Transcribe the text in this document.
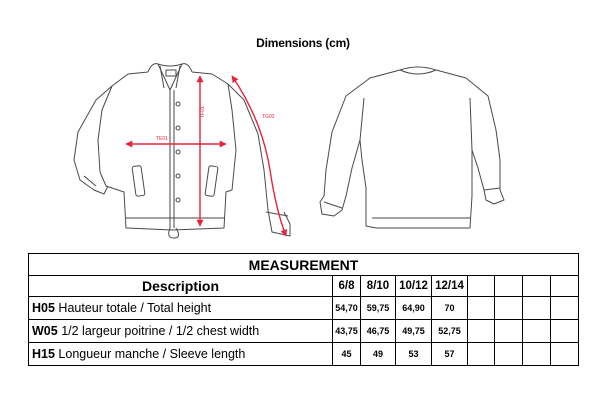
Dimensions (cm)
TF01
TE01
TG02
MEASUREMENT								
Description	6/8	8/10	10/12	12/14				
H05 Hauteur totale / Total height	54,70	59,75	64,90	70				
W05 1/2 largeur poitrine / 1/2 chest width	43,75	46,75	49,75	52,75				
H15 Longueur manche / Sleeve length	45	49	53	57				
